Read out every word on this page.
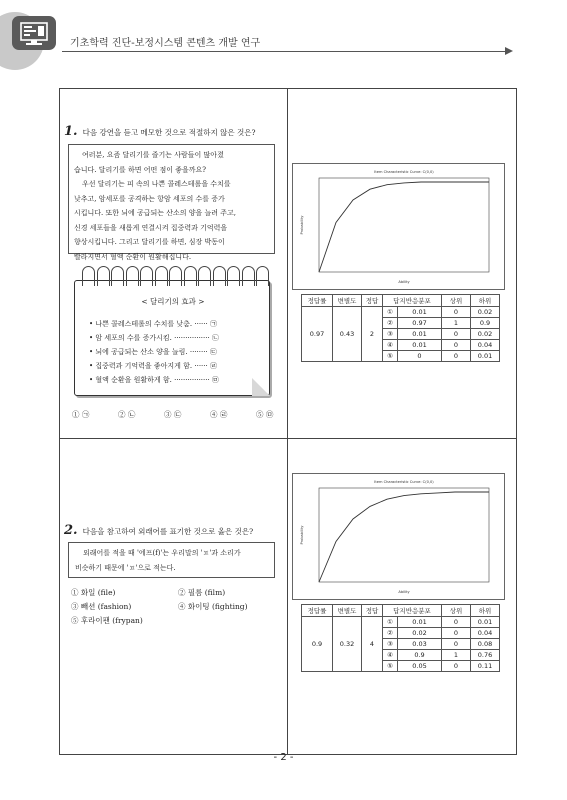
기초학력 진단-보정시스템 콘텐츠 개발 연구
1. 다음 강연을 듣고 메모한 것으로 적절하지 않은 것은?

여러분, 요즘 달리기를 즐기는 사람들이 많아졌

습니다. 달리기를 하면 어떤 점이 좋을까요?

우선 달리기는 피 속의 나쁜 콜레스테롤을 수치를

낮추고, 암세포를 공격하는 항암 세포의 수를 증가

시킵니다. 또한 뇌에 공급되는 산소의 양을 늘려 주고,

신경 세포들을 새롭게 연결시켜 집중력과 기억력을

향상시킵니다. 그리고 달리기를 하면, 심장 박동이

빨라지면서 혈액 순환이 원활해집니다.

< 달리기의 효과 >
• 나쁜 콜레스테롤의 수치를 낮춤. ······ ㉠
• 암 세포의 수를 증가시킴. ················ ㉡
• 뇌에 공급되는 산소 양을 늘림. ········ ㉢
• 집중력과 기억력을 좋아지게 함. ······ ㉣
• 혈액 순환을 원활하게 함. ················ ㉤
① ㉠	② ㉡	③ ㉢	④ ㉣	⑤ ㉤
2. 다음을 참고하여 외래어를 표기한 것으로 옳은 것은?

외래어를 적을 때 '에프(f)'는 우리말의 'ㅍ'과 소리가

비슷하기 때문에 'ㅍ'으로 적는다.

① 화일 (file)	② 필름 (film)
③ 빼션 (fashion)	④ 화이팅 (fighting)
⑤ 후라이팬 (frypan)
Item Characteristic Curve: C(0,0)
Ability
Probability
Item Characteristic Curve: C(0,0)
Ability
Probability
정답률	변별도	정답	답지반응분포		상위	하위
0.97	0.43	2	①	0.01	0	0.02
			②	0.97	1	0.9
			③	0.01	0	0.02
			④	0.01	0	0.04
			⑤	0	0	0.01
정답률	변별도	정답	답지반응분포		상위	하위
0.9	0.32	4	①	0.01	0	0.01
			②	0.02	0	0.04
			③	0.03	0	0.08
			④	0.9	1	0.76
			⑤	0.05	0	0.11
- 2 -
